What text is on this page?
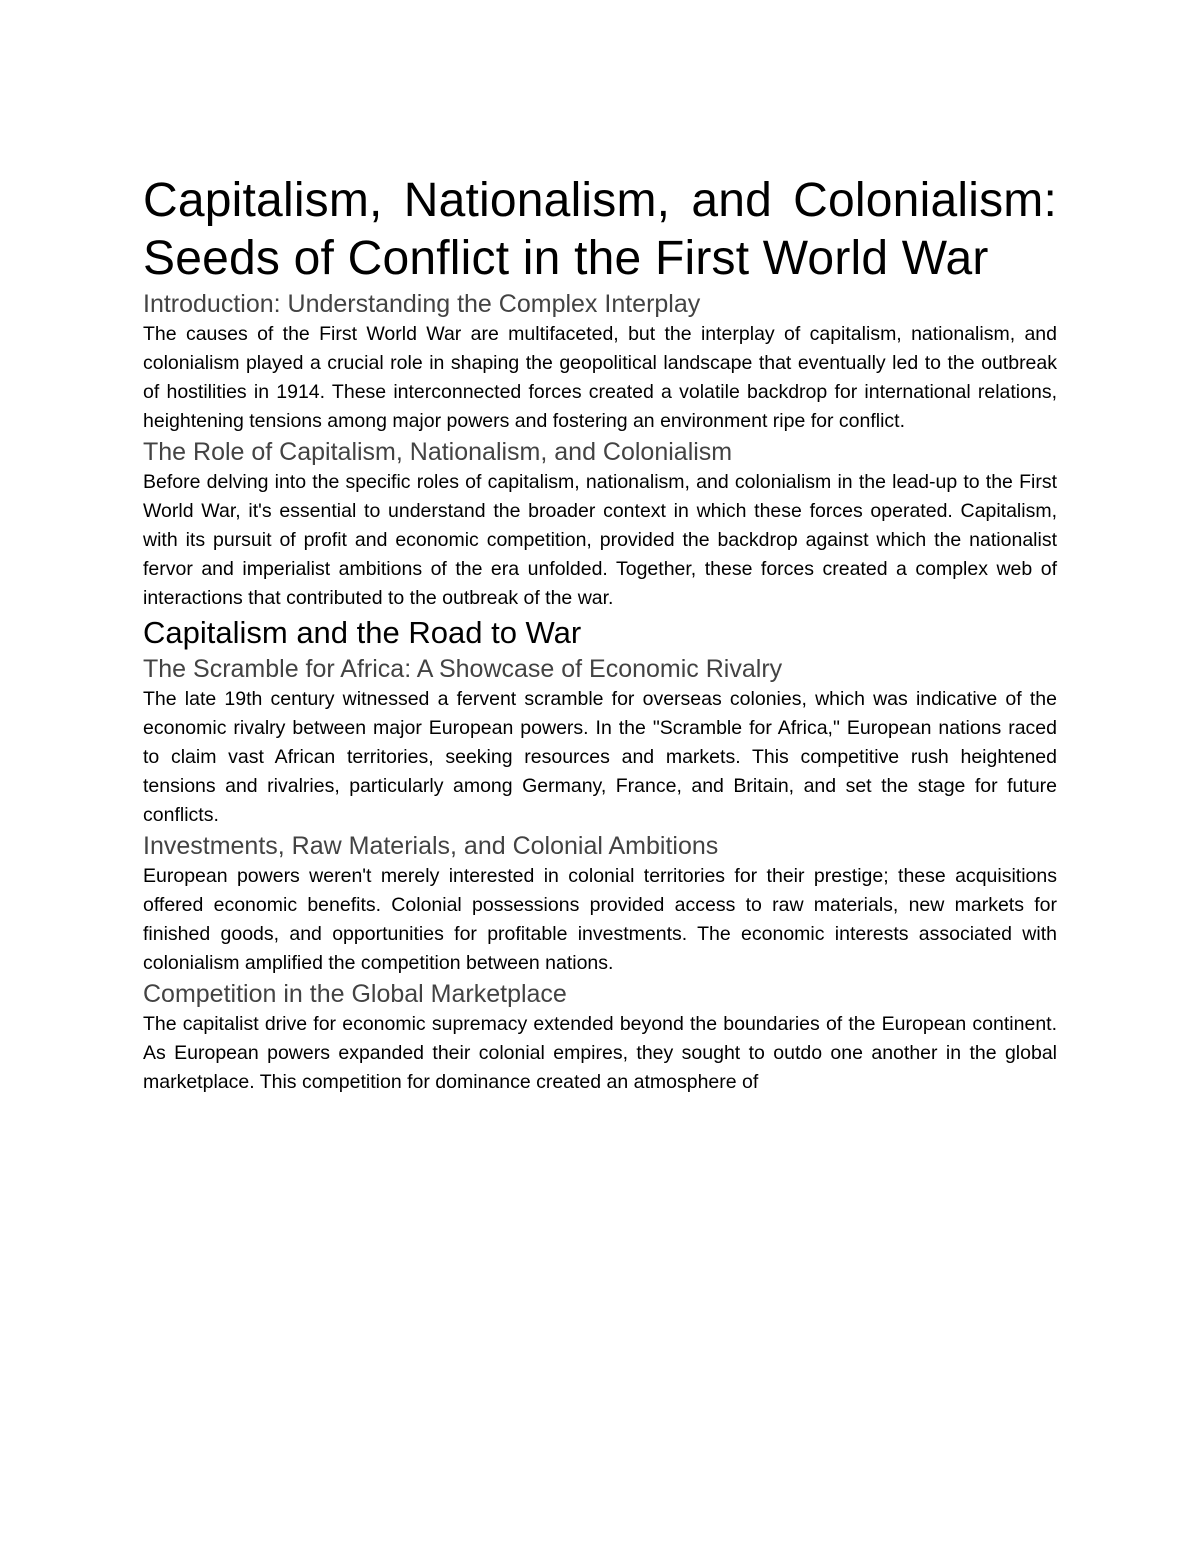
Capitalism, Nationalism, and Colonialism: Seeds of Conflict in the First World War
Introduction: Understanding the Complex Interplay

The causes of the First World War are multifaceted, but the interplay of capitalism, nationalism, and colonialism played a crucial role in shaping the geopolitical landscape that eventually led to the outbreak of hostilities in 1914. These interconnected forces created a volatile backdrop for international relations, heightening tensions among major powers and fostering an environment ripe for conflict.

The Role of Capitalism, Nationalism, and Colonialism

Before delving into the specific roles of capitalism, nationalism, and colonialism in the lead-up to the First World War, it's essential to understand the broader context in which these forces operated. Capitalism, with its pursuit of profit and economic competition, provided the backdrop against which the nationalist fervor and imperialist ambitions of the era unfolded. Together, these forces created a complex web of interactions that contributed to the outbreak of the war.

Capitalism and the Road to War
The Scramble for Africa: A Showcase of Economic Rivalry

The late 19th century witnessed a fervent scramble for overseas colonies, which was indicative of the economic rivalry between major European powers. In the "Scramble for Africa," European nations raced to claim vast African territories, seeking resources and markets. This competitive rush heightened tensions and rivalries, particularly among Germany, France, and Britain, and set the stage for future conflicts.

Investments, Raw Materials, and Colonial Ambitions

European powers weren't merely interested in colonial territories for their prestige; these acquisitions offered economic benefits. Colonial possessions provided access to raw materials, new markets for finished goods, and opportunities for profitable investments. The economic interests associated with colonialism amplified the competition between nations.

Competition in the Global Marketplace

The capitalist drive for economic supremacy extended beyond the boundaries of the European continent. As European powers expanded their colonial empires, they sought to outdo one another in the global marketplace. This competition for dominance created an atmosphere of
